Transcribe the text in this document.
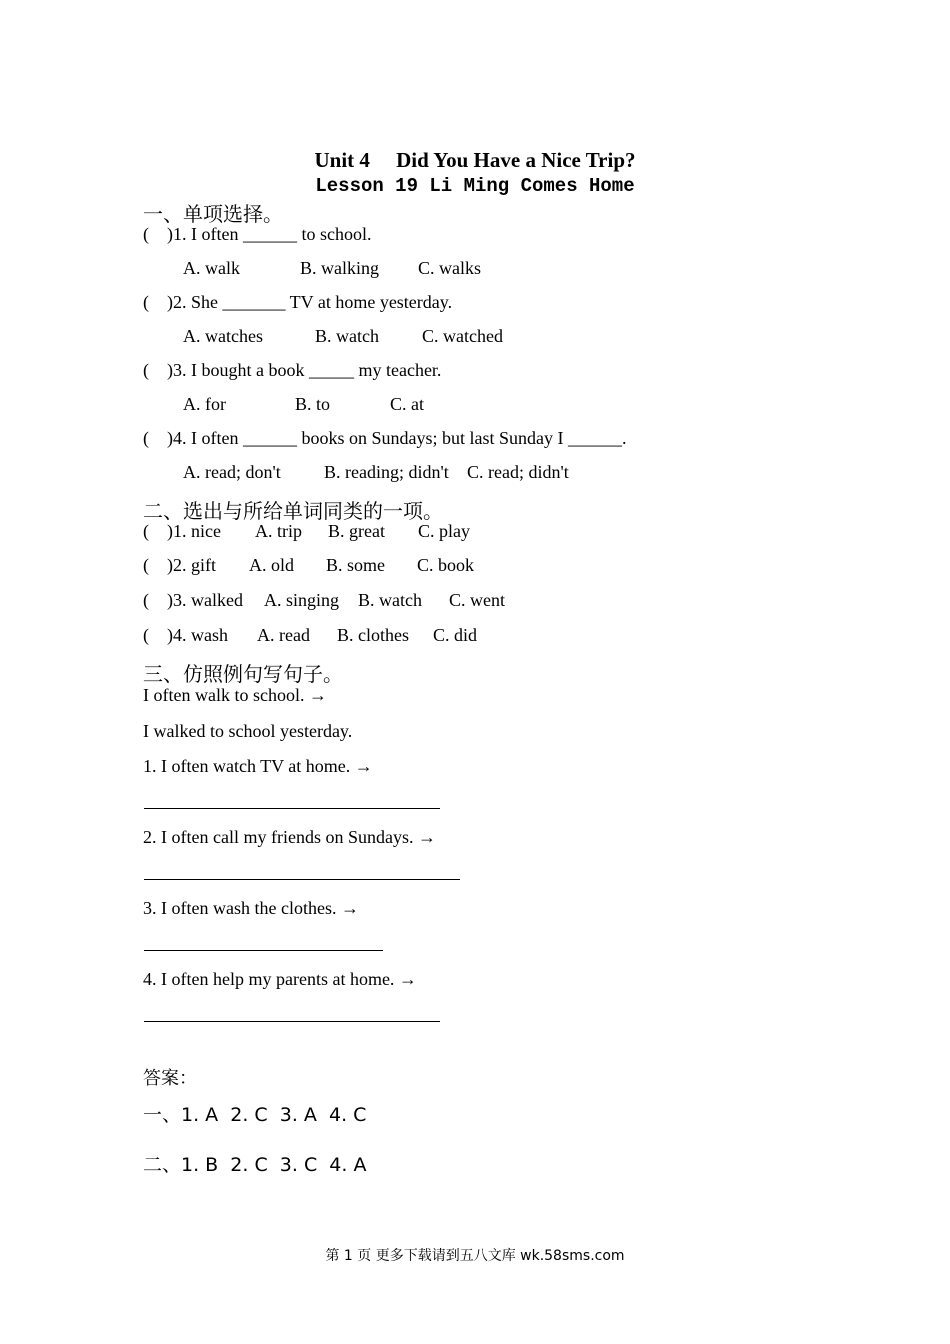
Unit 4     Did You Have a Nice Trip?
Lesson 19 Li Ming Comes Home
一、单项选择。
(    )1. I often ______ to school.
A. walk	B. walking C. walks
(    )2. She _______ TV at home yesterday.
A. watches	B. watch C. watched
(    )3. I bought a book _____ my teacher.
A. for	B. to	C. at
(    )4. I often ______ books on Sundays; but last Sunday I ______.
A. read; don't B. reading; didn't C. read; didn't
二、选出与所给单词同类的一项。
(    )1. nice A. trip B. great C. play
(    )2. gift A. old B. some C. book
(    )3. walked A. singing B. watch C. went
(    )4. wash A. read B. clothes C. did
三、仿照例句写句子。
I often walk to school. →
I walked to school yesterday.
1. I often watch TV at home. →
2. I often call my friends on Sundays. →
3. I often wash the clothes. →
4. I often help my parents at home. →
答案：
一、1. A  2. C  3. A  4. C
二、1. B  2. C  3. C  4. A
第 1 页 更多下载请到五八文库 wk.58sms.com
